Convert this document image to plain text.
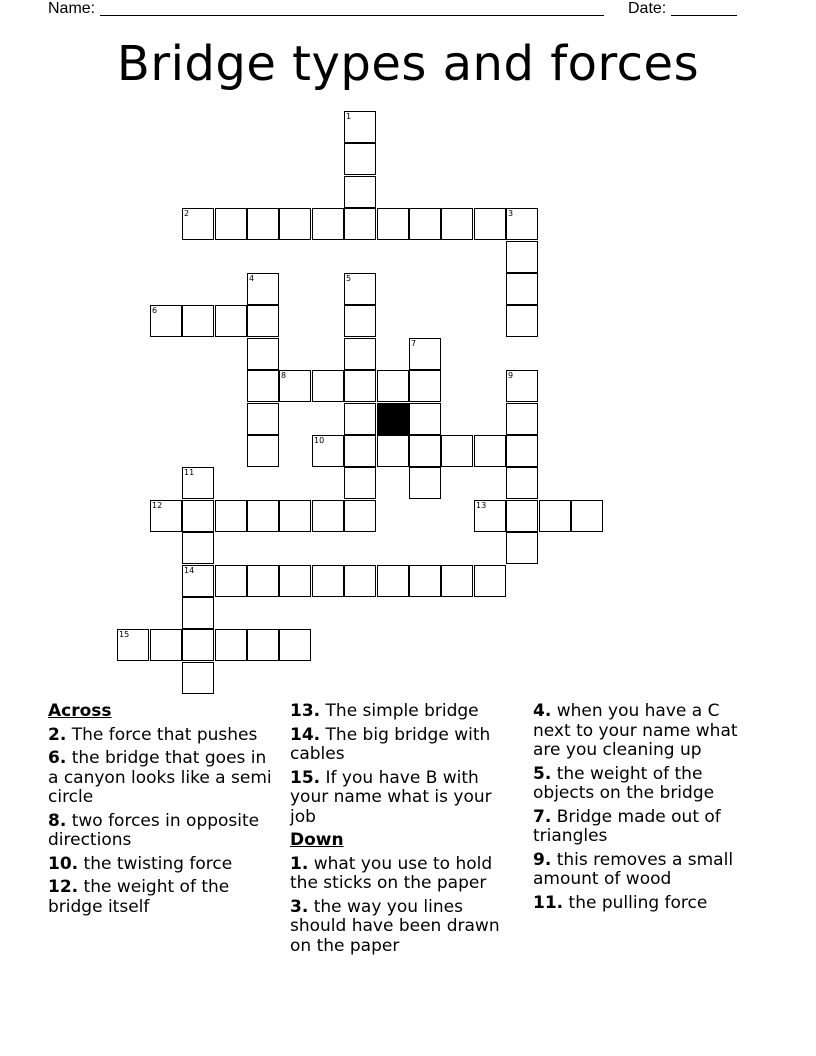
Name:	Date:
Bridge types and forces
1
2	3
4	5
6
7
8	9
10
11
14
12	13
15
Across
2. The force that pushes
6. the bridge that goes in a canyon looks like a semi circle
8. two forces in opposite directions
10. the twisting force
12. the weight of the bridge itself
13. The simple bridge
14. The big bridge with cables
15. If you have B with your name what is your job
Down
1. what you use to hold the sticks on the paper
3. the way you lines should have been drawn on the paper
4. when you have a C next to your name what are you cleaning up
5. the weight of the objects on the bridge
7. Bridge made out of triangles
9. this removes a small amount of wood
11. the pulling force
